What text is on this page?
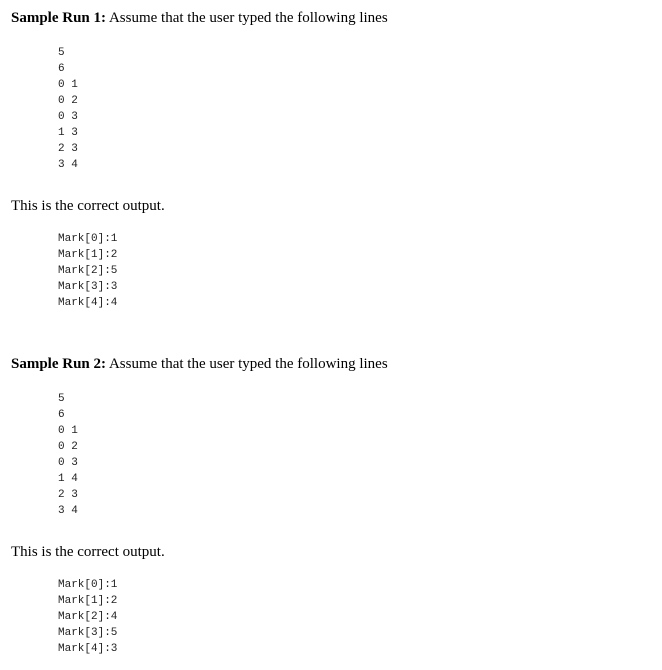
Sample Run 1: Assume that the user typed the following lines

5
6
0 1
0 2
0 3
1 3
2 3
3 4

This is the correct output.

Mark[0]:1
Mark[1]:2
Mark[2]:5
Mark[3]:3
Mark[4]:4

Sample Run 2: Assume that the user typed the following lines

5
6
0 1
0 2
0 3
1 4
2 3
3 4

This is the correct output.

Mark[0]:1
Mark[1]:2
Mark[2]:4
Mark[3]:5
Mark[4]:3
